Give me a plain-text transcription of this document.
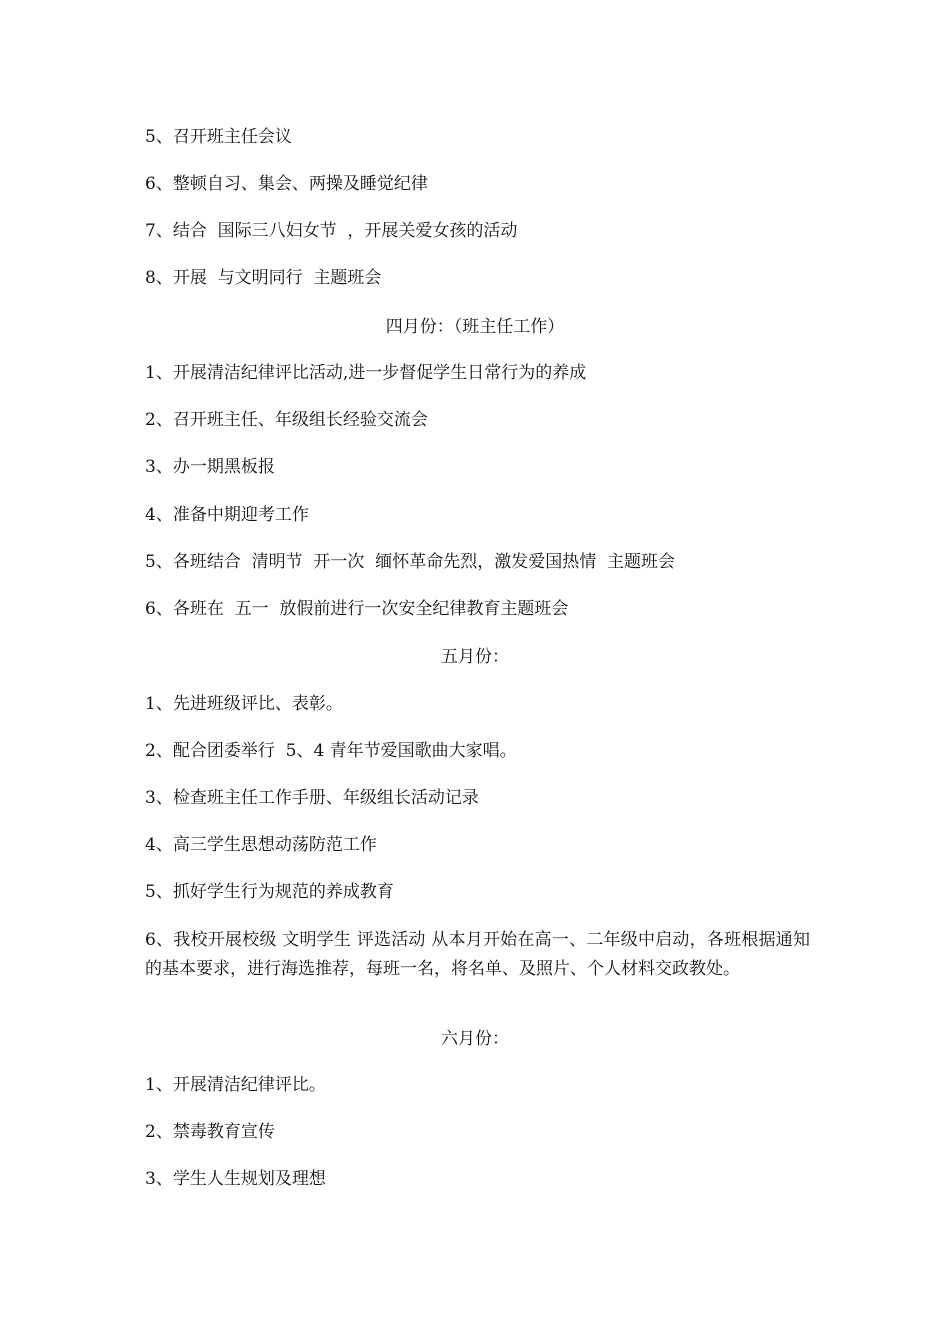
5、召开班主任会议
6、整顿自习、集会、两操及睡觉纪律
7、结合  国际三八妇女节  ，开展关爱女孩的活动
8、开展  与文明同行  主题班会
四月份：（班主任工作）
1、开展清洁纪律评比活动,进一步督促学生日常行为的养成
2、召开班主任、年级组长经验交流会
3、办一期黑板报
4、准备中期迎考工作
5、各班结合  清明节  开一次  缅怀革命先烈，激发爱国热情  主题班会
6、各班在  五一  放假前进行一次安全纪律教育主题班会
五月份：
1、先进班级评比、表彰。
2、配合团委举行  5、4 青年节爱国歌曲大家唱。
3、检查班主任工作手册、年级组长活动记录
4、高三学生思想动荡防范工作
5、抓好学生行为规范的养成教育
6、我校开展校级 文明学生 评选活动 从本月开始在高一、二年级中启动，各班根据通知的基本要求，进行海选推荐，每班一名，将名单、及照片、个人材料交政教处。
六月份：
1、开展清洁纪律评比。
2、禁毒教育宣传
3、学生人生规划及理想
